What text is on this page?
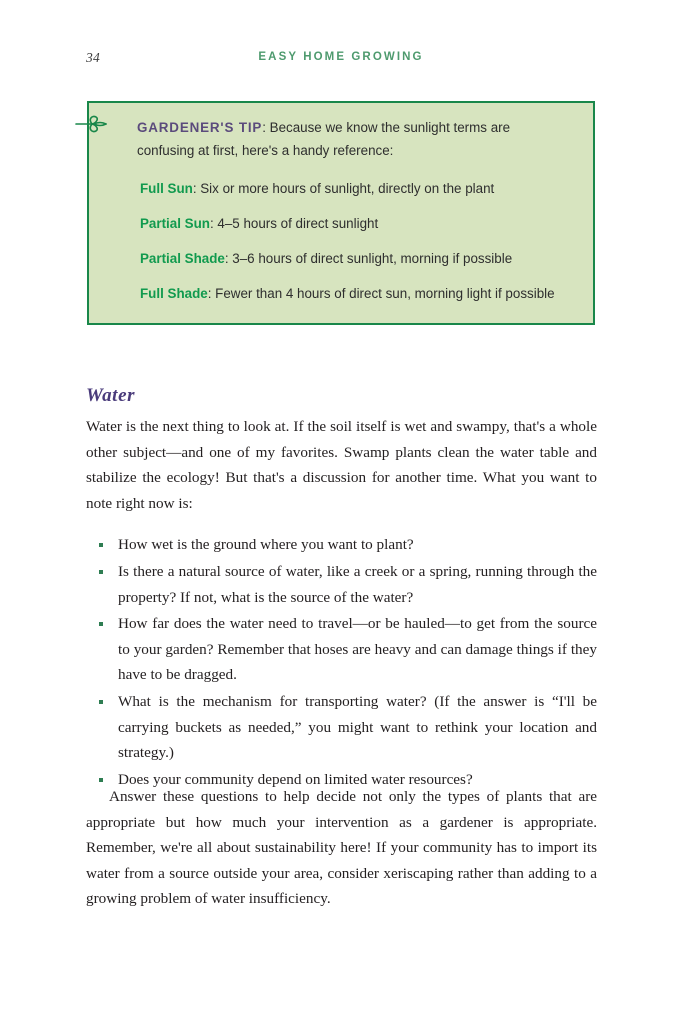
34	EASY HOME GROWING
GARDENER'S TIP: Because we know the sunlight terms are confusing at first, here's a handy reference:
Full Sun: Six or more hours of sunlight, directly on the plant
Partial Sun: 4–5 hours of direct sunlight
Partial Shade: 3–6 hours of direct sunlight, morning if possible
Full Shade: Fewer than 4 hours of direct sun, morning light if possible
Water

Water is the next thing to look at. If the soil itself is wet and swampy, that's a whole other subject—and one of my favorites. Swamp plants clean the water table and stabilize the ecology! But that's a discussion for another time. What you want to note right now is:

How wet is the ground where you want to plant?
Is there a natural source of water, like a creek or a spring, running through the property? If not, what is the source of the water?
How far does the water need to travel—or be hauled—to get from the source to your garden? Remember that hoses are heavy and can damage things if they have to be dragged.
What is the mechanism for transporting water? (If the answer is “I'll be carrying buckets as needed,” you might want to rethink your location and strategy.)
Does your community depend on limited water resources?

Answer these questions to help decide not only the types of plants that are appropriate but how much your intervention as a gardener is appropriate. Remember, we're all about sustainability here! If your community has to import its water from a source outside your area, consider xeriscaping rather than adding to a growing problem of water insufficiency.
